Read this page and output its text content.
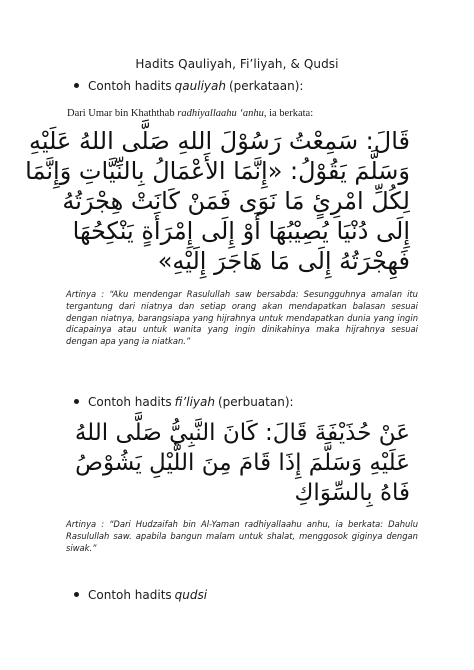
Hadits Qauliyah, Fi’liyah, & Qudsi
Contoh hadits qauliyah (perkataan):
Dari Umar bin Khaththab radhiyallaahu ‘anhu, ia berkata:
قَالَ: سَمِعْتُ رَسُوْلَ اللهِ صَلَّى اللهُ عَلَيْهِ
وَسَلَّمَ يَقُوْلُ: «إِنَّمَا الأَعْمَالُ بِالنِّيَّاتِ وَإِنَّمَا
لِكُلِّ امْرِئٍ مَا نَوَى فَمَنْ كَانَتْ هِجْرَتُهُ
إِلَى دُنْيَا يُصِيْبُهَا أَوْ إِلَى إِمْرَأَةٍ يَنْكِحُهَا
فَهِجْرَتُهُ إِلَى مَا هَاجَرَ إِلَيْهِ»
Artinya : “Aku mendengar Rasulullah saw bersabda: Sesungguhnya amalan itu tergantung dari niatnya dan setiap orang akan mendapatkan balasan sesuai dengan niatnya, barangsiapa yang hijrahnya untuk mendapatkan dunia yang ingin dicapainya atau untuk wanita yang ingin dinikahinya maka hijrahnya sesuai dengan apa yang ia niatkan.”
Contoh hadits fi’liyah (perbuatan):
عَنْ حُذَيْفَةَ قَالَ: كَانَ النَّبِيُّ صَلَّى اللهُ
عَلَيْهِ وَسَلَّمَ إِذَا قَامَ مِنَ اللَّيْلِ يَشُوْصُ
فَاهُ بِالسِّوَاكِ
Artinya : “Dari Hudzaifah bin Al-Yaman radhiyallaahu anhu, ia berkata: Dahulu Rasulullah saw. apabila bangun malam untuk shalat, menggosok giginya dengan siwak.”
Contoh hadits qudsi
